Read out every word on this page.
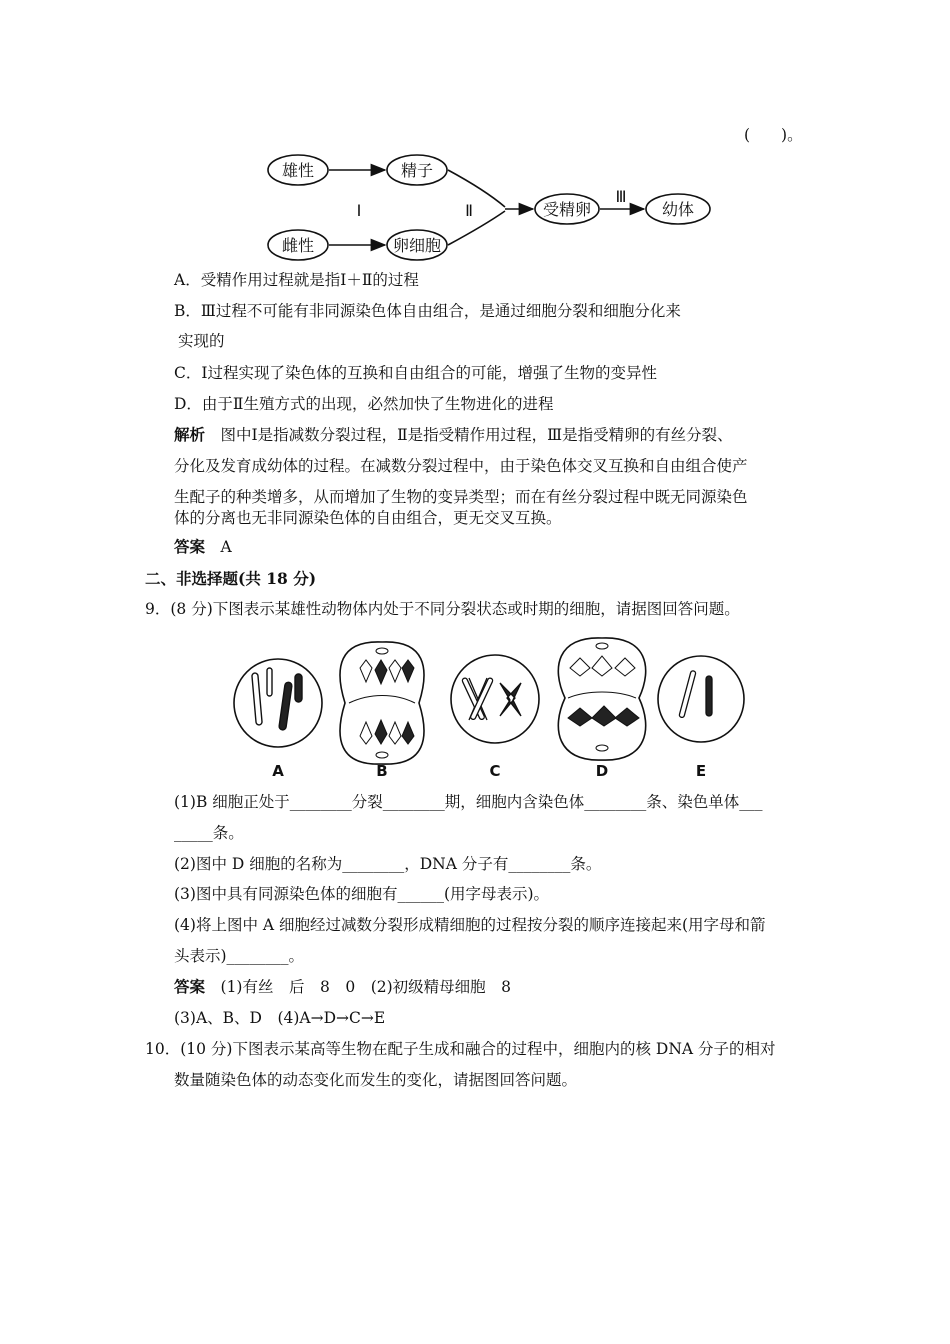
(　　)。
雄性	精子
雌性	卵细胞
受精卵	幼体
Ⅰ	Ⅱ
Ⅲ
A．受精作用过程就是指Ⅰ＋Ⅱ的过程
B．Ⅲ过程不可能有非同源染色体自由组合，是通过细胞分裂和细胞分化来
实现的
C．Ⅰ过程实现了染色体的互换和自由组合的可能，增强了生物的变异性
D．由于Ⅱ生殖方式的出现，必然加快了生物进化的进程
解析  图中Ⅰ是指减数分裂过程，Ⅱ是指受精作用过程，Ⅲ是指受精卵的有丝分裂、
分化及发育成幼体的过程。在减数分裂过程中，由于染色体交叉互换和自由组合使产
生配子的种类增多，从而增加了生物的变异类型；而在有丝分裂过程中既无同源染色
体的分离也无非同源染色体的自由组合，更无交叉互换。
答案  A
二、非选择题(共 18 分)
9．(8 分)下图表示某雄性动物体内处于不同分裂状态或时期的细胞，请据图回答问题。
A	B	C	D	E
(1)B 细胞正处于________分裂________期，细胞内含染色体________条、染色单体___
_____条。
(2)图中 D 细胞的名称为________，DNA 分子有________条。
(3)图中具有同源染色体的细胞有______(用字母表示)。
(4)将上图中 A 细胞经过减数分裂形成精细胞的过程按分裂的顺序连接起来(用字母和箭
头表示)________。
答案  (1)有丝　后　8　0　(2)初级精母细胞　8
(3)A、B、D　(4)A→D→C→E
10．(10 分)下图表示某高等生物在配子生成和融合的过程中，细胞内的核 DNA 分子的相对
数量随染色体的动态变化而发生的变化，请据图回答问题。
